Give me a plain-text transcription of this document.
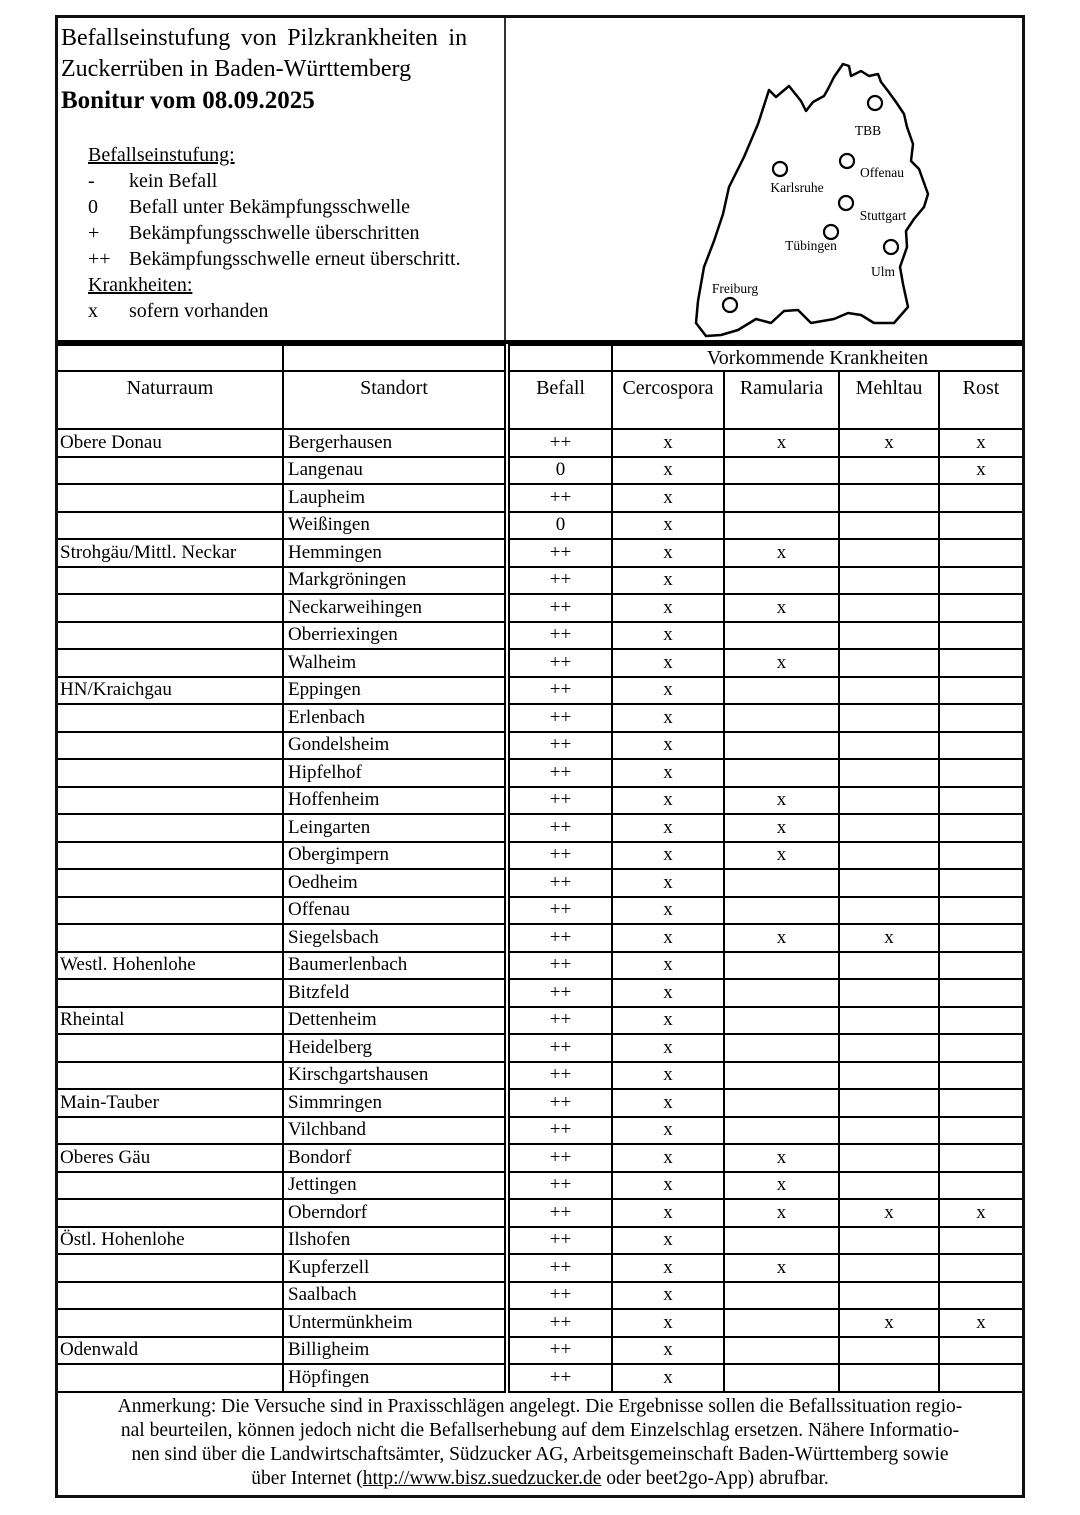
Befallseinstufung von Pilzkrankheiten in
Zuckerrüben in Baden-Württemberg
Bonitur vom 08.09.2025
Befallseinstufung:
-	kein Befall
0	Befall unter Bekämpfungsschwelle
+	Bekämpfungsschwelle überschritten
++ Bekämpfungsschwelle erneut überschritt.
Krankheiten:
x	sofern vorhanden
TBB
Offenau
Karlsruhe
Stuttgart
Tübingen
Ulm
Freiburg
			Vorkommende Krankheiten			
Naturraum	Standort	Befall	Cercospora	Ramularia	Mehltau	Rost
Obere Donau	Bergerhausen	++	x	x	x	x
	Langenau	0	x			x
	Laupheim	++	x			
	Weißingen	0	x			
Strohgäu/Mittl. Neckar	Hemmingen	++	x	x		
	Markgröningen	++	x			
	Neckarweihingen	++	x	x		
	Oberriexingen	++	x			
	Walheim	++	x	x		
HN/Kraichgau	Eppingen	++	x			
	Erlenbach	++	x			
	Gondelsheim	++	x			
	Hipfelhof	++	x			
	Hoffenheim	++	x	x		
	Leingarten	++	x	x		
	Obergimpern	++	x	x		
	Oedheim	++	x			
	Offenau	++	x			
	Siegelsbach	++	x	x	x	
Westl. Hohenlohe	Baumerlenbach	++	x			
	Bitzfeld	++	x			
Rheintal	Dettenheim	++	x			
	Heidelberg	++	x			
	Kirschgartshausen	++	x			
Main-Tauber	Simmringen	++	x			
	Vilchband	++	x			
Oberes Gäu	Bondorf	++	x	x		
	Jettingen	++	x	x		
	Oberndorf	++	x	x	x	x
Östl. Hohenlohe	Ilshofen	++	x			
	Kupferzell	++	x	x		
	Saalbach	++	x			
	Untermünkheim	++	x		x	x
Odenwald	Billigheim	++	x			
	Höpfingen	++	x			
Anmerkung: Die Versuche sind in Praxisschlägen angelegt. Die Ergebnisse sollen die Befallssituation regio-
nal beurteilen, können jedoch nicht die Befallserhebung auf dem Einzelschlag ersetzen. Nähere Informatio-
nen sind über die Landwirtschaftsämter, Südzucker AG, Arbeitsgemeinschaft Baden-Württemberg sowie
über Internet (http://www.bisz.suedzucker.de oder beet2go-App) abrufbar.
